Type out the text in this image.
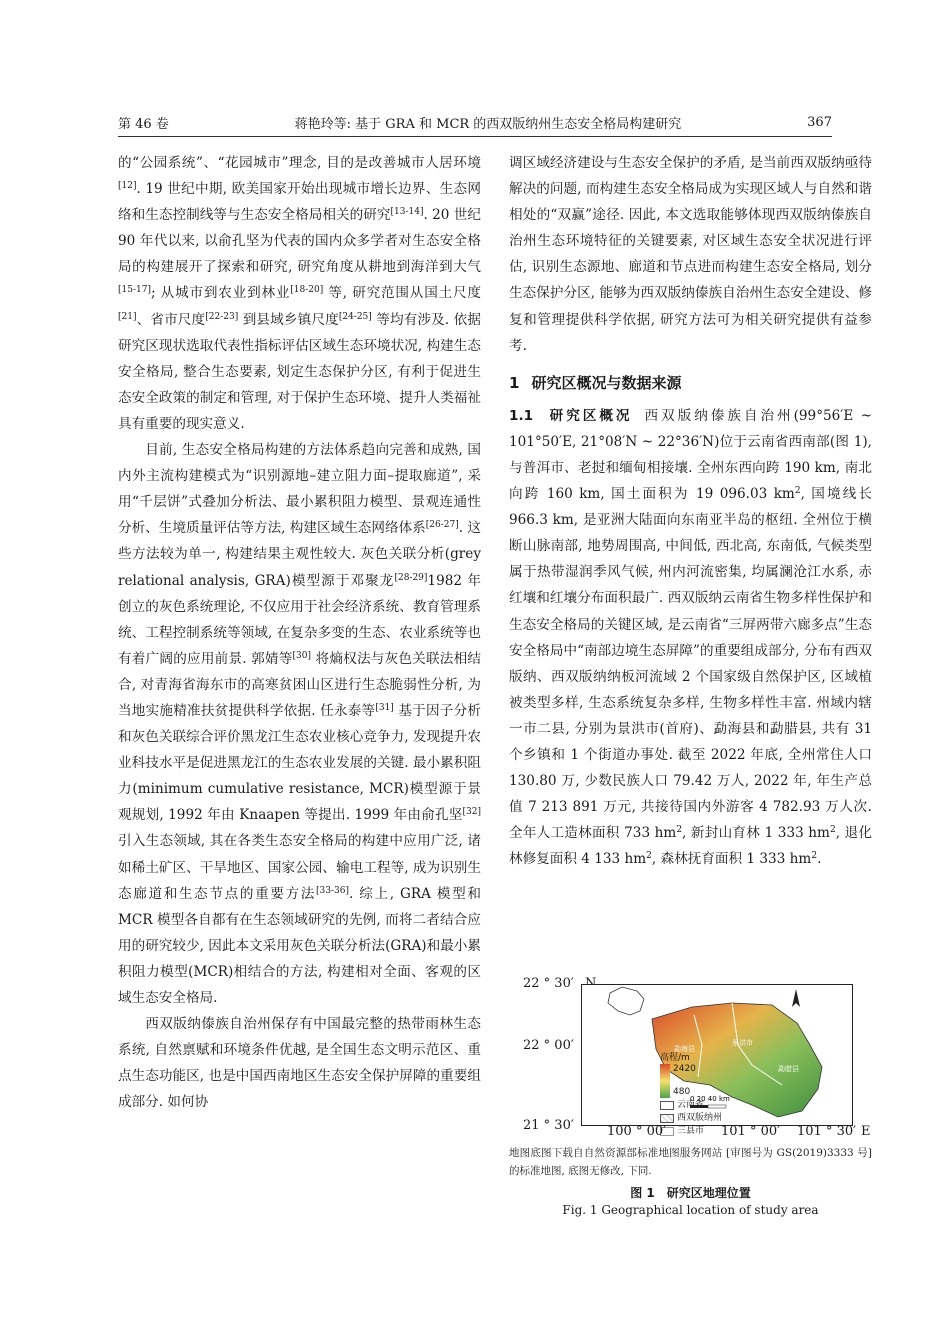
第 46 卷	蒋艳玲等: 基于 GRA 和 MCR 的西双版纳州生态安全格局构建研究	367

的“公园系统”、“花园城市”理念, 目的是改善城市人居环境[12]. 19 世纪中期, 欧美国家开始出现城市增长边界、生态网络和生态控制线等与生态安全格局相关的研究[13-14]. 20 世纪 90 年代以来, 以俞孔坚为代表的国内众多学者对生态安全格局的构建展开了探索和研究, 研究角度从耕地到海洋到大气[15-17]; 从城市到农业到林业[18-20] 等, 研究范围从国土尺度[21]、省市尺度[22-23] 到县域乡镇尺度[24-25] 等均有涉及. 依据研究区现状选取代表性指标评估区域生态环境状况, 构建生态安全格局, 整合生态要素, 划定生态保护分区, 有利于促进生态安全政策的制定和管理, 对于保护生态环境、提升人类福祉具有重要的现实意义.

目前, 生态安全格局构建的方法体系趋向完善和成熟, 国内外主流构建模式为“识别源地–建立阻力面–提取廊道”, 采用“千层饼”式叠加分析法、最小累积阻力模型、景观连通性分析、生境质量评估等方法, 构建区域生态网络体系[26-27]. 这些方法较为单一, 构建结果主观性较大. 灰色关联分析(grey relational analysis, GRA)模型源于邓聚龙[28-29]1982 年创立的灰色系统理论, 不仅应用于社会经济系统、教育管理系统、工程控制系统等领域, 在复杂多变的生态、农业系统等也有着广阔的应用前景. 郭婧等[30] 将熵权法与灰色关联法相结合, 对青海省海东市的高寒贫困山区进行生态脆弱性分析, 为当地实施精准扶贫提供科学依据. 任永泰等[31] 基于因子分析和灰色关联综合评价黑龙江生态农业核心竞争力, 发现提升农业科技水平是促进黑龙江的生态农业发展的关键. 最小累积阻力(minimum cumulative resistance, MCR)模型源于景观规划, 1992 年由 Knaapen 等提出. 1999 年由俞孔坚[32] 引入生态领域, 其在各类生态安全格局的构建中应用广泛, 诸如稀土矿区、干旱地区、国家公园、输电工程等, 成为识别生态廊道和生态节点的重要方法[33-36]. 综上, GRA 模型和 MCR 模型各自都有在生态领域研究的先例, 而将二者结合应用的研究较少, 因此本文采用灰色关联分析法(GRA)和最小累积阻力模型(MCR)相结合的方法, 构建相对全面、客观的区域生态安全格局.

西双版纳傣族自治州保存有中国最完整的热带雨林生态系统, 自然禀赋和环境条件优越, 是全国生态文明示范区、重点生态功能区, 也是中国西南地区生态安全保护屏障的重要组成部分. 如何协

调区域经济建设与生态安全保护的矛盾, 是当前西双版纳亟待解决的问题, 而构建生态安全格局成为实现区域人与自然和谐相处的“双赢”途径. 因此, 本文选取能够体现西双版纳傣族自治州生态环境特征的关键要素, 对区域生态安全状况进行评估, 识别生态源地、廊道和节点进而构建生态安全格局, 划分生态保护分区, 能够为西双版纳傣族自治州生态安全建设、修复和管理提供科学依据, 研究方法可为相关研究提供有益参考.

1 研究区概况与数据来源

1.1  研究区概况 西双版纳傣族自治州(99°56′E ~ 101°50′E, 21°08′N ~ 22°36′N)位于云南省西南部(图 1), 与普洱市、老挝和缅甸相接壤. 全州东西向跨 190 km, 南北向跨 160 km, 国土面积为 19 096.03 $km^2$, 国境线长 966.3 km, 是亚洲大陆面向东南亚半岛的枢纽. 全州位于横断山脉南部, 地势周围高, 中间低, 西北高, 东南低, 气候类型属于热带湿润季风气候, 州内河流密集, 均属澜沧江水系, 赤红壤和红壤分布面积最广. 西双版纳云南省生物多样性保护和生态安全格局的关键区域, 是云南省“三屏两带六廊多点”生态安全格局中“南部边境生态屏障”的重要组成部分, 分布有西双版纳、西双版纳纳板河流域 2 个国家级自然保护区, 区域植被类型多样, 生态系统复杂多样, 生物多样性丰富. 州域内辖一市二县, 分别为景洪市(首府)、勐海县和勐腊县, 共有 31 个乡镇和 1 个街道办事处. 截至 2022 年底, 全州常住人口 130.80 万, 少数民族人口 79.42 万人, 2022 年, 年生产总值 7 213 891 万元, 共接待国内外游客 4 782.93 万人次. 全年人工造林面积 733 $hm^2$, 新封山育林 1 333 $hm^2$, 退化林修复面积 4 133 $hm^2$, 森林抚育面积 1 333 $hm^2$.

22 ° 30′
22 ° 00′
21 ° 30′
0 20 40 km
勐海县
景洪市
勐腊县
高程/m
2420
480
云南省
西双版纳州
三县市
100 ° 00′	101 ° 00′ 101 ° 30′ E
地图底图下载自自然资源部标准地图服务网站 [审图号为 GS(2019)3333 号] 的标准地图, 底图无修改, 下同.
图 1  研究区地理位置
Fig. 1 Geographical location of study area
